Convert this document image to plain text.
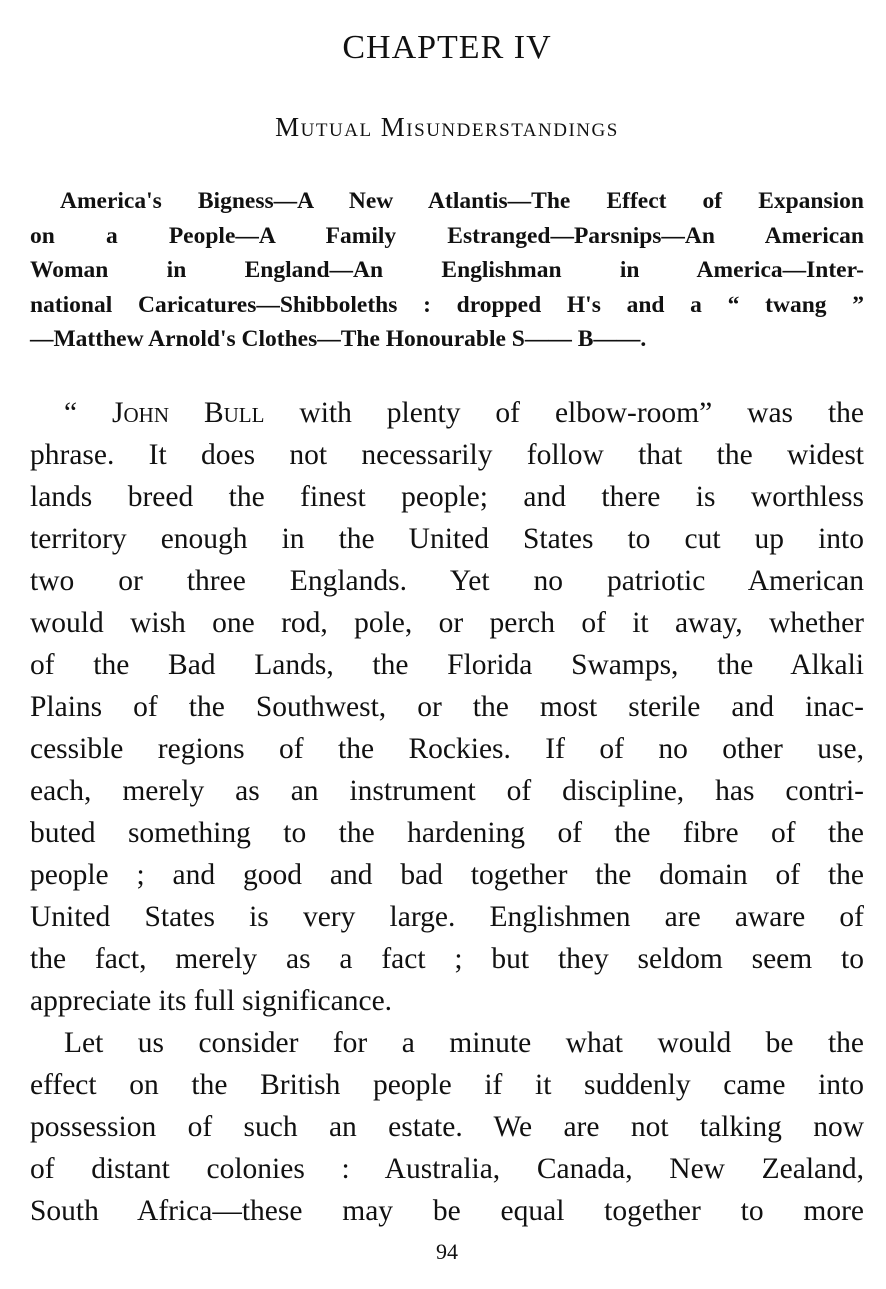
CHAPTER IV
Mutual Misunderstandings
America's Bigness—A New Atlantis—The Effect of Expansion
on a People—A Family Estranged—Parsnips—An American
Woman in England—An Englishman in America—Inter-
national Caricatures—Shibboleths : dropped H's and a “ twang ”
—Matthew Arnold's Clothes—The Honourable S—— B——.
“ John Bull with plenty of elbow-room” was the
phrase. It does not necessarily follow that the widest
lands breed the finest people; and there is worthless
territory enough in the United States to cut up into
two or three Englands. Yet no patriotic American
would wish one rod, pole, or perch of it away, whether
of the Bad Lands, the Florida Swamps, the Alkali
Plains of the Southwest, or the most sterile and inac-
cessible regions of the Rockies. If of no other use,
each, merely as an instrument of discipline, has contri-
buted something to the hardening of the fibre of the
people ; and good and bad together the domain of the
United States is very large. Englishmen are aware of
the fact, merely as a fact ; but they seldom seem to
appreciate its full significance.
Let us consider for a minute what would be the
effect on the British people if it suddenly came into
possession of such an estate. We are not talking now
of distant colonies : Australia, Canada, New Zealand,
South Africa—these may be equal together to more
94
